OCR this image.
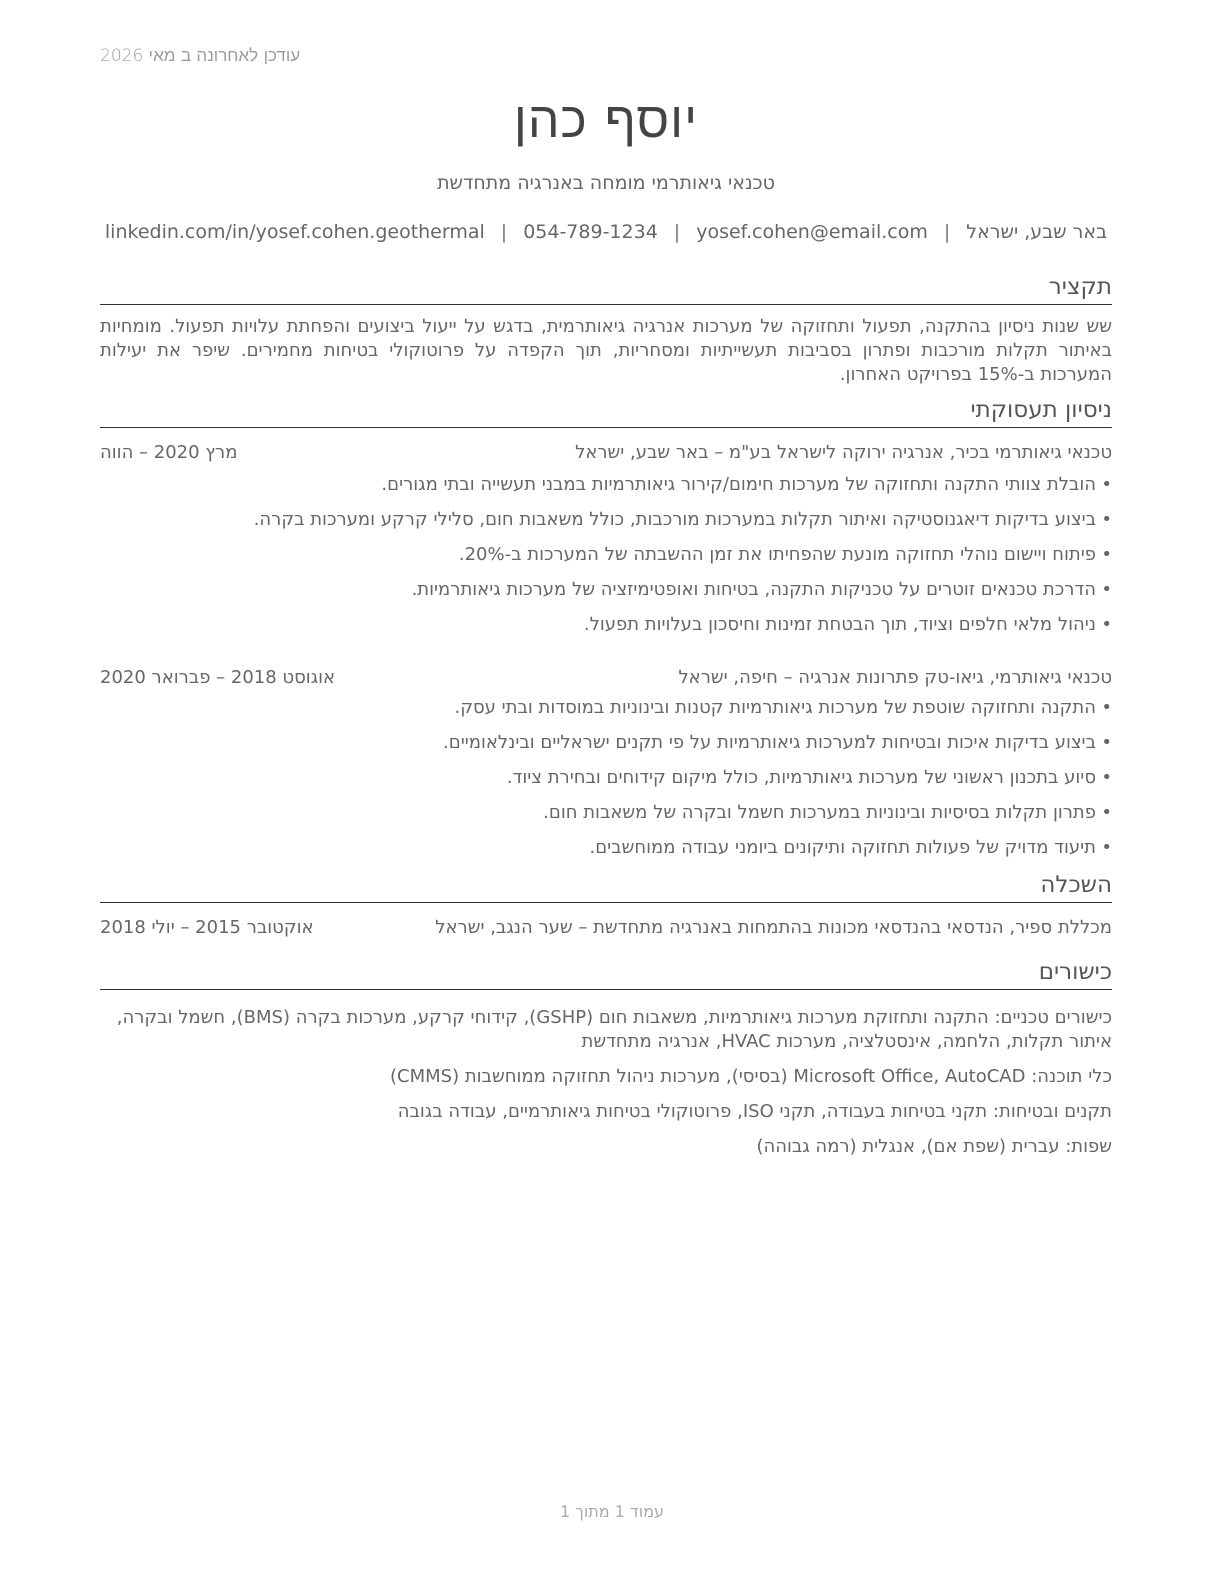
עודכן לאחרונה ב מאי 2026
יוסף כהן
טכנאי גיאותרמי מומחה באנרגיה מתחדשת
באר שבע, ישראל|yosef.cohen@email.com|054-789-1234|linkedin.com/in/yosef.cohen.geothermal
תקציר
שש שנות ניסיון בהתקנה, תפעול ותחזוקה של מערכות אנרגיה גיאותרמית, בדגש על ייעול ביצועים והפחתת עלויות תפעול. מומחיות באיתור תקלות מורכבות ופתרון בסביבות תעשייתיות ומסחריות, תוך הקפדה על פרוטוקולי בטיחות מחמירים. שיפר את יעילות המערכות ב-15% בפרויקט האחרון.
ניסיון תעסוקתי
טכנאי גיאותרמי בכיר, אנרגיה ירוקה לישראל בע"מ – באר שבע, ישראל
מרץ 2020 – הווה
• הובלת צוותי התקנה ותחזוקה של מערכות חימום/קירור גיאותרמיות במבני תעשייה ובתי מגורים.
• ביצוע בדיקות דיאגנוסטיקה ואיתור תקלות במערכות מורכבות, כולל משאבות חום, סלילי קרקע ומערכות בקרה.
• פיתוח ויישום נוהלי תחזוקה מונעת שהפחיתו את זמן ההשבתה של המערכות ב-20%.
• הדרכת טכנאים זוטרים על טכניקות התקנה, בטיחות ואופטימיזציה של מערכות גיאותרמיות.
• ניהול מלאי חלפים וציוד, תוך הבטחת זמינות וחיסכון בעלויות תפעול.
טכנאי גיאותרמי, גיאו-טק פתרונות אנרגיה – חיפה, ישראל
אוגוסט 2018 – פברואר 2020
• התקנה ותחזוקה שוטפת של מערכות גיאותרמיות קטנות ובינוניות במוסדות ובתי עסק.
• ביצוע בדיקות איכות ובטיחות למערכות גיאותרמיות על פי תקנים ישראליים ובינלאומיים.
• סיוע בתכנון ראשוני של מערכות גיאותרמיות, כולל מיקום קידוחים ובחירת ציוד.
• פתרון תקלות בסיסיות ובינוניות במערכות חשמל ובקרה של משאבות חום.
• תיעוד מדויק של פעולות תחזוקה ותיקונים ביומני עבודה ממוחשבים.
השכלה
מכללת ספיר, הנדסאי בהנדסאי מכונות בהתמחות באנרגיה מתחדשת – שער הנגב, ישראל
אוקטובר 2015 – יולי 2018
כישורים
כישורים טכניים: התקנה ותחזוקת מערכות גיאותרמיות, משאבות חום (GSHP), קידוחי קרקע, מערכות בקרה (BMS), חשמל ובקרה, איתור תקלות, הלחמה, אינסטלציה, מערכות HVAC, אנרגיה מתחדשת
כלי תוכנה: Microsoft Office, AutoCAD (בסיסי), מערכות ניהול תחזוקה ממוחשבות (CMMS)
תקנים ובטיחות: תקני בטיחות בעבודה, תקני ISO, פרוטוקולי בטיחות גיאותרמיים, עבודה בגובה
שפות: עברית (שפת אם), אנגלית (רמה גבוהה)
עמוד 1 מתוך 1
